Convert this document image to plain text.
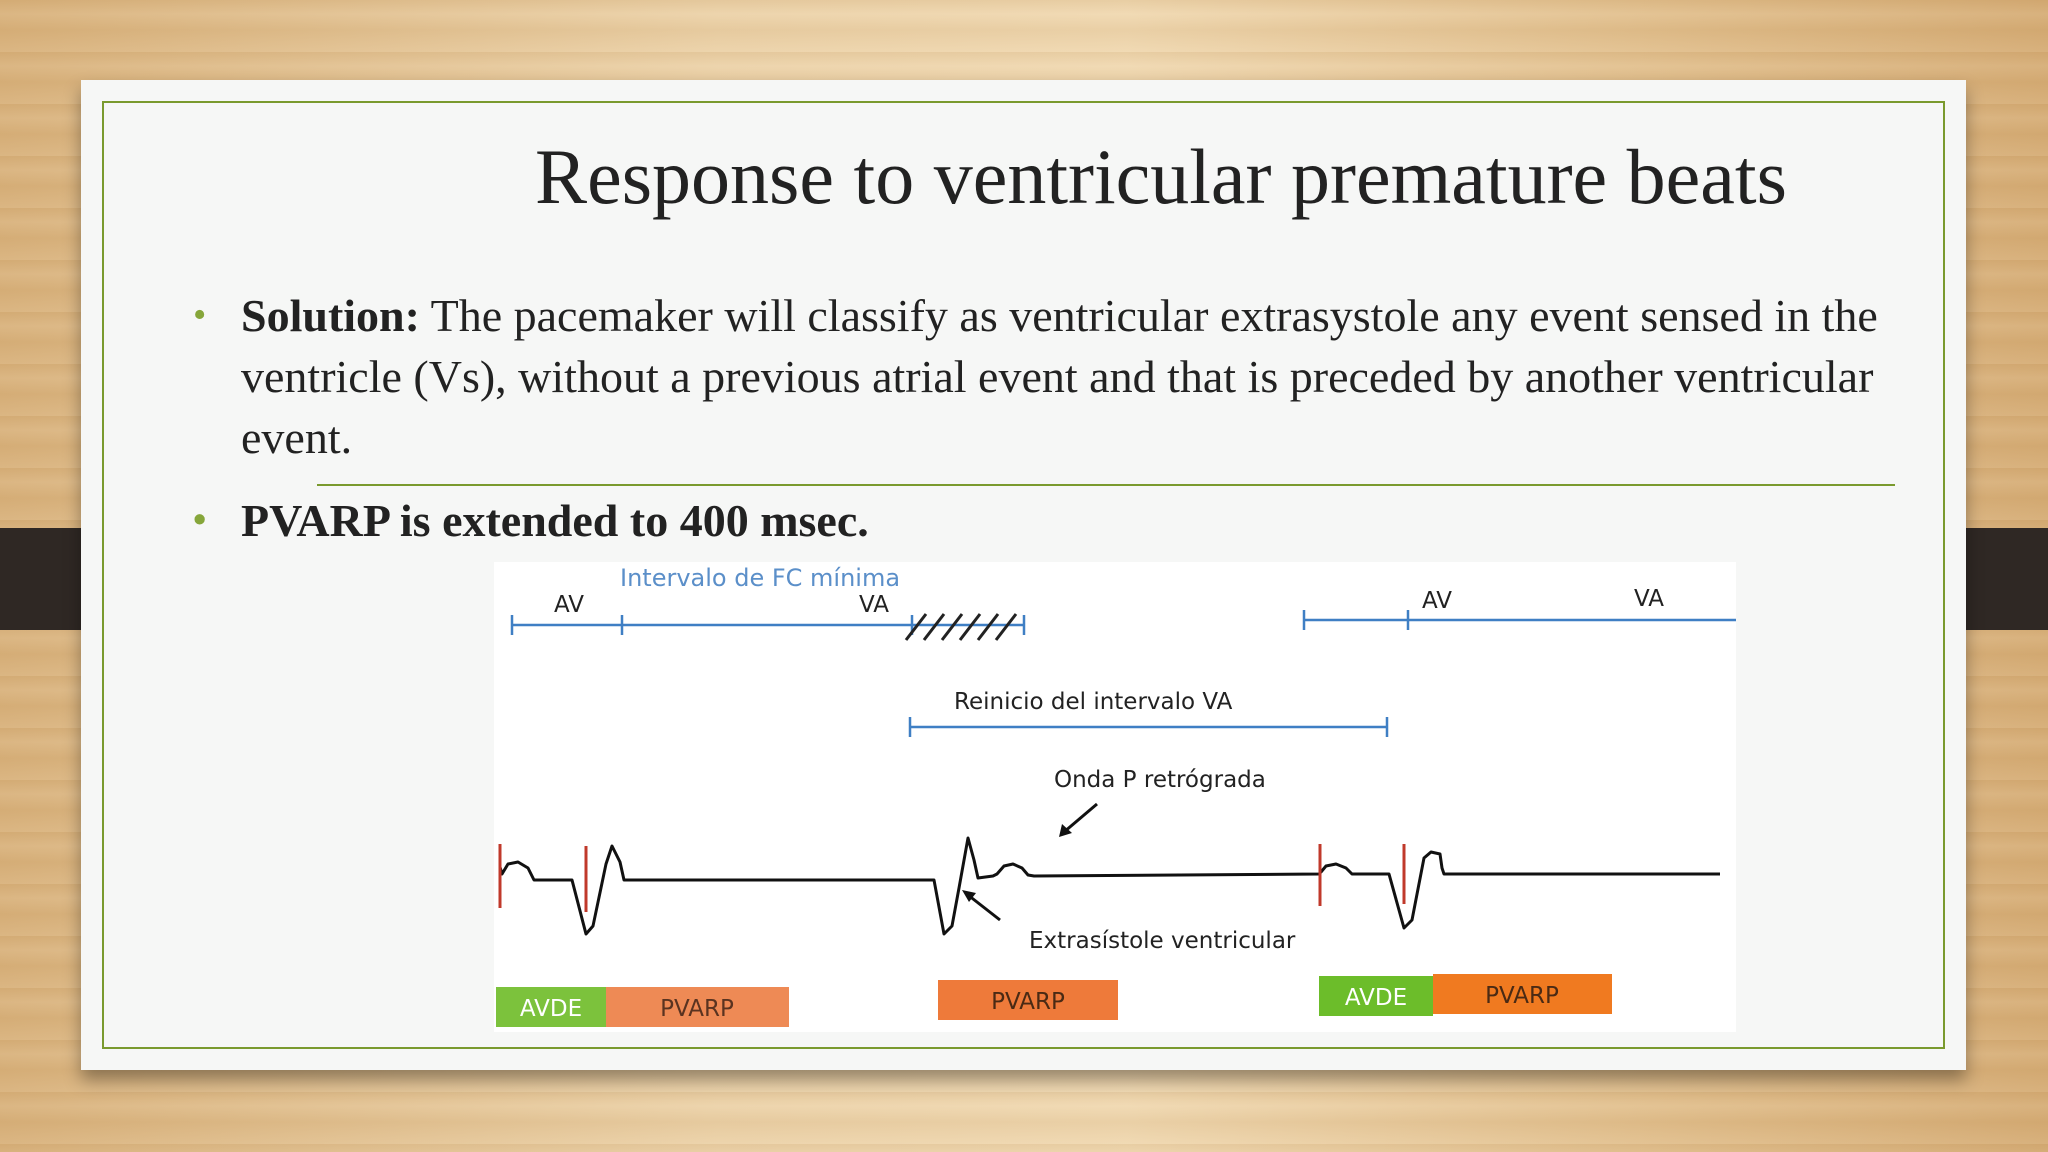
Response to ventricular premature beats
• Solution: The pacemaker will classify as ventricular extrasystole any event sensed in the ventricle (Vs), without a previous atrial event and that is preceded by another ventricular event.
• PVARP is extended to 400 msec.
Intervalo de FC mínima
AV	VA	AV	VA
Reinicio del intervalo VA
Onda P retrógrada
Extrasístole ventricular
AVDE	PVARP	PVARP	AVDE	PVARP
